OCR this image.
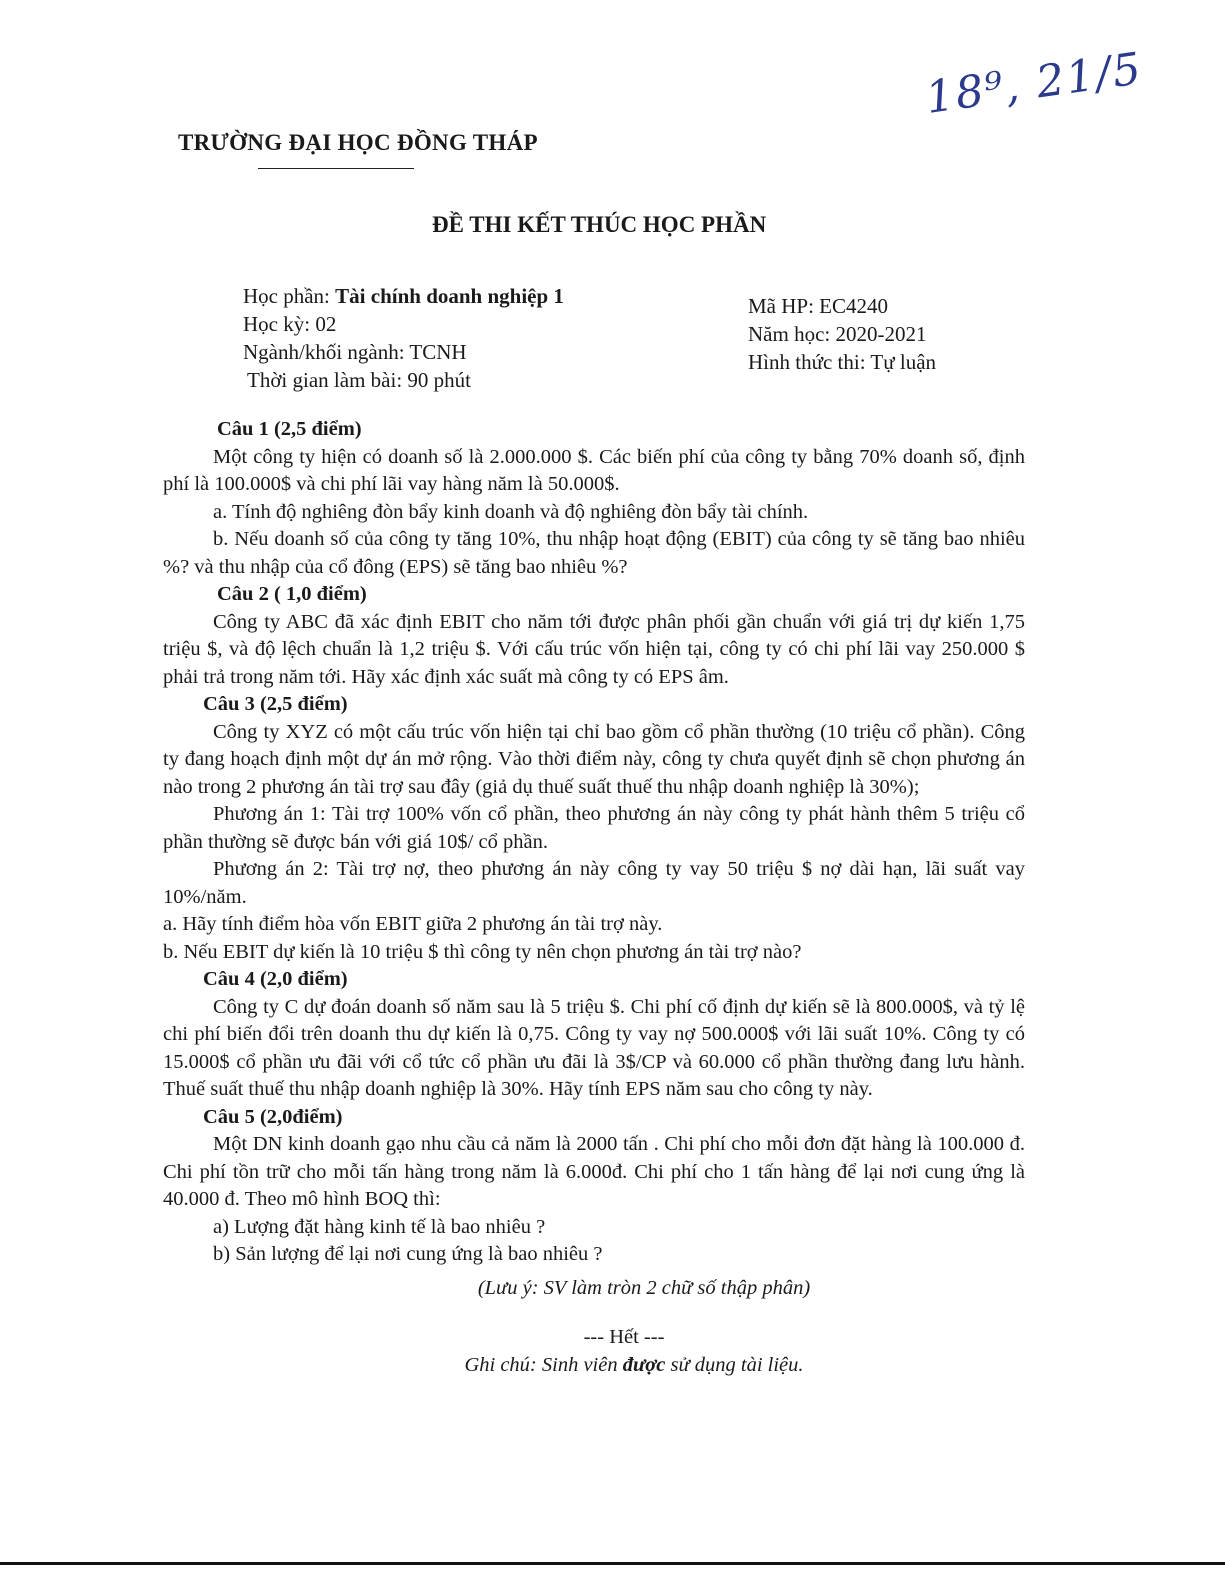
18⁹, 21/5
TRƯỜNG ĐẠI HỌC ĐỒNG THÁP
ĐỀ THI KẾT THÚC HỌC PHẦN
Học phần: Tài chính doanh nghiệp 1
Học kỳ: 02
Ngành/khối ngành: TCNH
Thời gian làm bài: 90 phút
Mã HP: EC4240
Năm học: 2020-2021
Hình thức thi: Tự luận

Câu 1 (2,5 điểm)

Một công ty hiện có doanh số là 2.000.000 $. Các biến phí của công ty bằng 70% doanh số, định phí là 100.000$ và chi phí lãi vay hàng năm là 50.000$.

a. Tính độ nghiêng đòn bẩy kinh doanh và độ nghiêng đòn bẩy tài chính.

b. Nếu doanh số của công ty tăng 10%, thu nhập hoạt động (EBIT) của công ty sẽ tăng bao nhiêu %? và thu nhập của cổ đông (EPS) sẽ tăng bao nhiêu %?

Câu 2 ( 1,0 điểm)

Công ty ABC đã xác định EBIT cho năm tới được phân phối gần chuẩn với giá trị dự kiến 1,75 triệu $, và độ lệch chuẩn là 1,2 triệu $. Với cấu trúc vốn hiện tại, công ty có chi phí lãi vay 250.000 $ phải trả trong năm tới. Hãy xác định xác suất mà công ty có EPS âm.

Câu 3 (2,5 điểm)

Công ty XYZ có một cấu trúc vốn hiện tại chỉ bao gồm cổ phần thường (10 triệu cổ phần). Công ty đang hoạch định một dự án mở rộng. Vào thời điểm này, công ty chưa quyết định sẽ chọn phương án nào trong 2 phương án tài trợ sau đây (giả dụ thuế suất thuế thu nhập doanh nghiệp là 30%);

Phương án 1: Tài trợ 100% vốn cổ phần, theo phương án này công ty phát hành thêm 5 triệu cổ phần thường sẽ được bán với giá 10$/ cổ phần.

Phương án 2: Tài trợ nợ, theo phương án này công ty vay 50 triệu $ nợ dài hạn, lãi suất vay 10%/năm.

a. Hãy tính điểm hòa vốn EBIT giữa 2 phương án tài trợ này.

b. Nếu EBIT dự kiến là 10 triệu $ thì công ty nên chọn phương án tài trợ nào?

Câu 4 (2,0 điểm)

Công ty C dự đoán doanh số năm sau là 5 triệu $. Chi phí cố định dự kiến sẽ là 800.000$, và tỷ lệ chi phí biến đổi trên doanh thu dự kiến là 0,75. Công ty vay nợ 500.000$ với lãi suất 10%. Công ty có 15.000$ cổ phần ưu đãi với cổ tức cổ phần ưu đãi là 3$/CP và 60.000 cổ phần thường đang lưu hành. Thuế suất thuế thu nhập doanh nghiệp là 30%. Hãy tính EPS năm sau cho công ty này.

Câu 5 (2,0điểm)

Một DN kinh doanh gạo nhu cầu cả năm là 2000 tấn . Chi phí cho mỗi đơn đặt hàng là 100.000 đ. Chi phí tồn trữ cho mỗi tấn hàng trong năm là 6.000đ. Chi phí cho 1 tấn hàng để lại nơi cung ứng là 40.000 đ. Theo mô hình BOQ thì:

a) Lượng đặt hàng kinh tế là bao nhiêu ?

b) Sản lượng để lại nơi cung ứng là bao nhiêu ?

(Lưu ý: SV làm tròn 2 chữ số thập phân)

--- Hết ---

Ghi chú: Sinh viên được sử dụng tài liệu.
